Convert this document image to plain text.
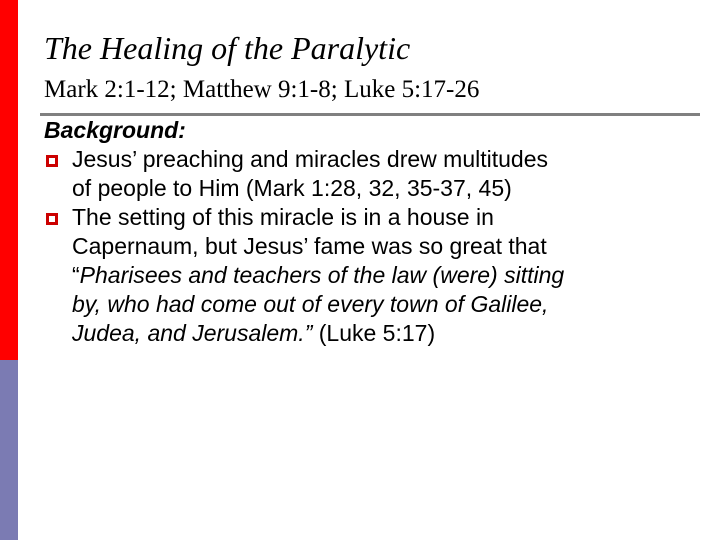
The Healing of the Paralytic
Mark 2:1-12; Matthew 9:1-8; Luke 5:17-26
Background:
Jesus’ preaching and miracles drew multitudes
of people to Him (Mark 1:28, 32, 35-37, 45)
The setting of this miracle is in a house in
Capernaum, but Jesus’ fame was so great that
“Pharisees and teachers of the law (were) sitting
by, who had come out of every town of Galilee,
Judea, and Jerusalem.” (Luke 5:17)
